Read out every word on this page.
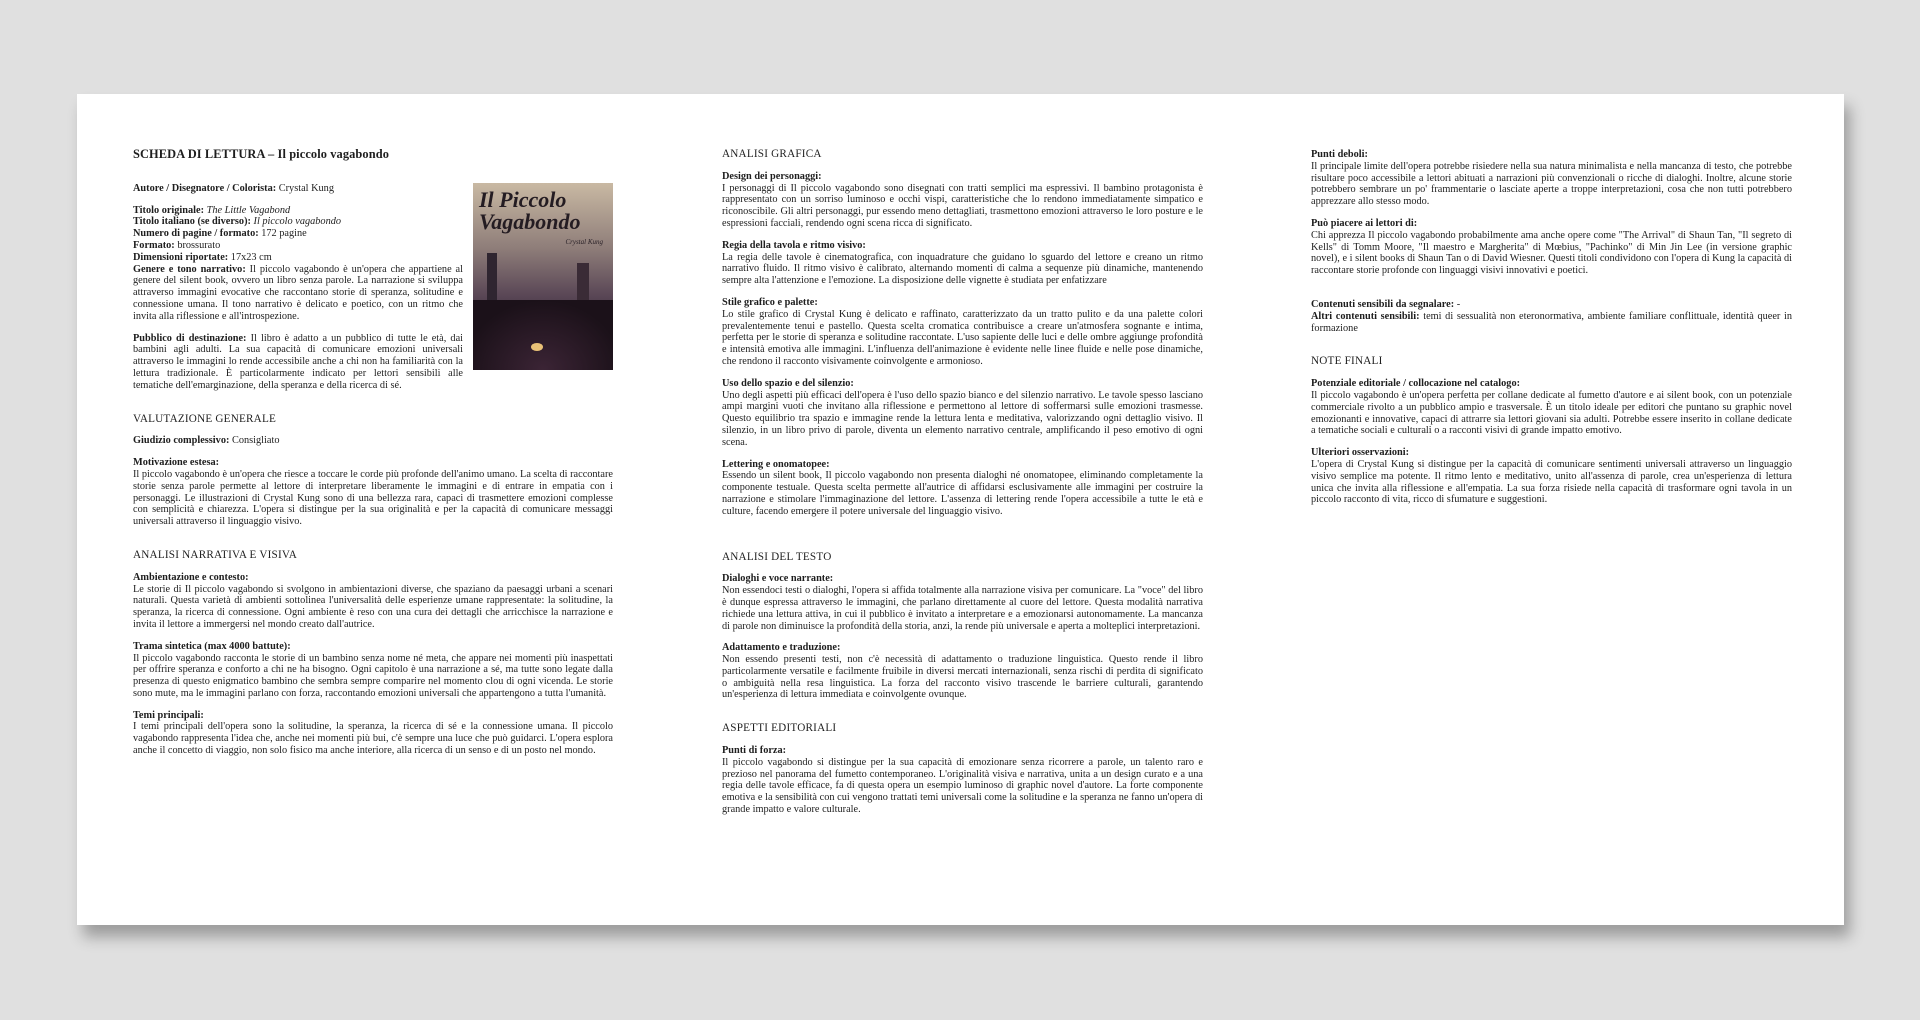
SCHEDA DI LETTURA – Il piccolo vagabondo
Il Piccolo Vagabondo
Crystal Kung

Autore / Disegnatore / Colorista: Crystal Kung

Titolo originale: The Little Vagabond

Titolo italiano (se diverso): Il piccolo vagabondo

Numero di pagine / formato: 172 pagine

Formato: brossurato

Dimensioni riportate: 17x23 cm

Genere e tono narrativo: Il piccolo vagabondo è un'opera che appartiene al genere del silent book, ovvero un libro senza parole. La narrazione si sviluppa attraverso immagini evocative che raccontano storie di speranza, solitudine e connessione umana. Il tono narrativo è delicato e poetico, con un ritmo che invita alla riflessione e all'introspezione.

Pubblico di destinazione: Il libro è adatto a un pubblico di tutte le età, dai bambini agli adulti. La sua capacità di comunicare emozioni universali attraverso le immagini lo rende accessibile anche a chi non ha familiarità con la lettura tradizionale. È particolarmente indicato per lettori sensibili alle tematiche dell'emarginazione, della speranza e della ricerca di sé.

VALUTAZIONE GENERALE

Giudizio complessivo: Consigliato

Motivazione estesa:

Il piccolo vagabondo è un'opera che riesce a toccare le corde più profonde dell'animo umano. La scelta di raccontare storie senza parole permette al lettore di interpretare liberamente le immagini e di entrare in empatia con i personaggi. Le illustrazioni di Crystal Kung sono di una bellezza rara, capaci di trasmettere emozioni complesse con semplicità e chiarezza. L'opera si distingue per la sua originalità e per la capacità di comunicare messaggi universali attraverso il linguaggio visivo.

ANALISI NARRATIVA E VISIVA

Ambientazione e contesto:

Le storie di Il piccolo vagabondo si svolgono in ambientazioni diverse, che spaziano da paesaggi urbani a scenari naturali. Questa varietà di ambienti sottolinea l'universalità delle esperienze umane rappresentate: la solitudine, la speranza, la ricerca di connessione. Ogni ambiente è reso con una cura dei dettagli che arricchisce la narrazione e invita il lettore a immergersi nel mondo creato dall'autrice.

Trama sintetica (max 4000 battute):

Il piccolo vagabondo racconta le storie di un bambino senza nome né meta, che appare nei momenti più inaspettati per offrire speranza e conforto a chi ne ha bisogno. Ogni capitolo è una narrazione a sé, ma tutte sono legate dalla presenza di questo enigmatico bambino che sembra sempre comparire nel momento clou di ogni vicenda. Le storie sono mute, ma le immagini parlano con forza, raccontando emozioni universali che appartengono a tutta l'umanità.

Temi principali:

I temi principali dell'opera sono la solitudine, la speranza, la ricerca di sé e la connessione umana. Il piccolo vagabondo rappresenta l'idea che, anche nei momenti più bui, c'è sempre una luce che può guidarci. L'opera esplora anche il concetto di viaggio, non solo fisico ma anche interiore, alla ricerca di un senso e di un posto nel mondo.

ANALISI GRAFICA

Design dei personaggi:

I personaggi di Il piccolo vagabondo sono disegnati con tratti semplici ma espressivi. Il bambino protagonista è rappresentato con un sorriso luminoso e occhi vispi, caratteristiche che lo rendono immediatamente simpatico e riconoscibile. Gli altri personaggi, pur essendo meno dettagliati, trasmettono emozioni attraverso le loro posture e le espressioni facciali, rendendo ogni scena ricca di significato.

Regia della tavola e ritmo visivo:

La regia delle tavole è cinematografica, con inquadrature che guidano lo sguardo del lettore e creano un ritmo narrativo fluido. Il ritmo visivo è calibrato, alternando momenti di calma a sequenze più dinamiche, mantenendo sempre alta l'attenzione e l'emozione. La disposizione delle vignette è studiata per enfatizzare

Stile grafico e palette:

Lo stile grafico di Crystal Kung è delicato e raffinato, caratterizzato da un tratto pulito e da una palette colori prevalentemente tenui e pastello. Questa scelta cromatica contribuisce a creare un'atmosfera sognante e intima, perfetta per le storie di speranza e solitudine raccontate. L'uso sapiente delle luci e delle ombre aggiunge profondità e intensità emotiva alle immagini. L'influenza dell'animazione è evidente nelle linee fluide e nelle pose dinamiche, che rendono il racconto visivamente coinvolgente e armonioso.

Uso dello spazio e del silenzio:

Uno degli aspetti più efficaci dell'opera è l'uso dello spazio bianco e del silenzio narrativo. Le tavole spesso lasciano ampi margini vuoti che invitano alla riflessione e permettono al lettore di soffermarsi sulle emozioni trasmesse. Questo equilibrio tra spazio e immagine rende la lettura lenta e meditativa, valorizzando ogni dettaglio visivo. Il silenzio, in un libro privo di parole, diventa un elemento narrativo centrale, amplificando il peso emotivo di ogni scena.

Lettering e onomatopee:

Essendo un silent book, Il piccolo vagabondo non presenta dialoghi né onomatopee, eliminando completamente la componente testuale. Questa scelta permette all'autrice di affidarsi esclusivamente alle immagini per costruire la narrazione e stimolare l'immaginazione del lettore. L'assenza di lettering rende l'opera accessibile a tutte le età e culture, facendo emergere il potere universale del linguaggio visivo.

ANALISI DEL TESTO

Dialoghi e voce narrante:

Non essendoci testi o dialoghi, l'opera si affida totalmente alla narrazione visiva per comunicare. La "voce" del libro è dunque espressa attraverso le immagini, che parlano direttamente al cuore del lettore. Questa modalità narrativa richiede una lettura attiva, in cui il pubblico è invitato a interpretare e a emozionarsi autonomamente. La mancanza di parole non diminuisce la profondità della storia, anzi, la rende più universale e aperta a molteplici interpretazioni.

Adattamento e traduzione:

Non essendo presenti testi, non c'è necessità di adattamento o traduzione linguistica. Questo rende il libro particolarmente versatile e facilmente fruibile in diversi mercati internazionali, senza rischi di perdita di significato o ambiguità nella resa linguistica. La forza del racconto visivo trascende le barriere culturali, garantendo un'esperienza di lettura immediata e coinvolgente ovunque.

ASPETTI EDITORIALI

Punti di forza:

Il piccolo vagabondo si distingue per la sua capacità di emozionare senza ricorrere a parole, un talento raro e prezioso nel panorama del fumetto contemporaneo. L'originalità visiva e narrativa, unita a un design curato e a una regia delle tavole efficace, fa di questa opera un esempio luminoso di graphic novel d'autore. La forte componente emotiva e la sensibilità con cui vengono trattati temi universali come la solitudine e la speranza ne fanno un'opera di grande impatto e valore culturale.

Punti deboli:

Il principale limite dell'opera potrebbe risiedere nella sua natura minimalista e nella mancanza di testo, che potrebbe risultare poco accessibile a lettori abituati a narrazioni più convenzionali o ricche di dialoghi. Inoltre, alcune storie potrebbero sembrare un po' frammentarie o lasciate aperte a troppe interpretazioni, cosa che non tutti potrebbero apprezzare allo stesso modo.

Può piacere ai lettori di:

Chi apprezza Il piccolo vagabondo probabilmente ama anche opere come "The Arrival" di Shaun Tan, "Il segreto di Kells" di Tomm Moore, "Il maestro e Margherita" di Mœbius, "Pachinko" di Min Jin Lee (in versione graphic novel), e i silent books di Shaun Tan o di David Wiesner. Questi titoli condividono con l'opera di Kung la capacità di raccontare storie profonde con linguaggi visivi innovativi e poetici.

Contenuti sensibili da segnalare: -

Altri contenuti sensibili: temi di sessualità non eteronormativa, ambiente familiare conflittuale, identità queer in formazione

NOTE FINALI

Potenziale editoriale / collocazione nel catalogo:

Il piccolo vagabondo è un'opera perfetta per collane dedicate al fumetto d'autore e ai silent book, con un potenziale commerciale rivolto a un pubblico ampio e trasversale. È un titolo ideale per editori che puntano su graphic novel emozionanti e innovative, capaci di attrarre sia lettori giovani sia adulti. Potrebbe essere inserito in collane dedicate a tematiche sociali e culturali o a racconti visivi di grande impatto emotivo.

Ulteriori osservazioni:

L'opera di Crystal Kung si distingue per la capacità di comunicare sentimenti universali attraverso un linguaggio visivo semplice ma potente. Il ritmo lento e meditativo, unito all'assenza di parole, crea un'esperienza di lettura unica che invita alla riflessione e all'empatia. La sua forza risiede nella capacità di trasformare ogni tavola in un piccolo racconto di vita, ricco di sfumature e suggestioni.
